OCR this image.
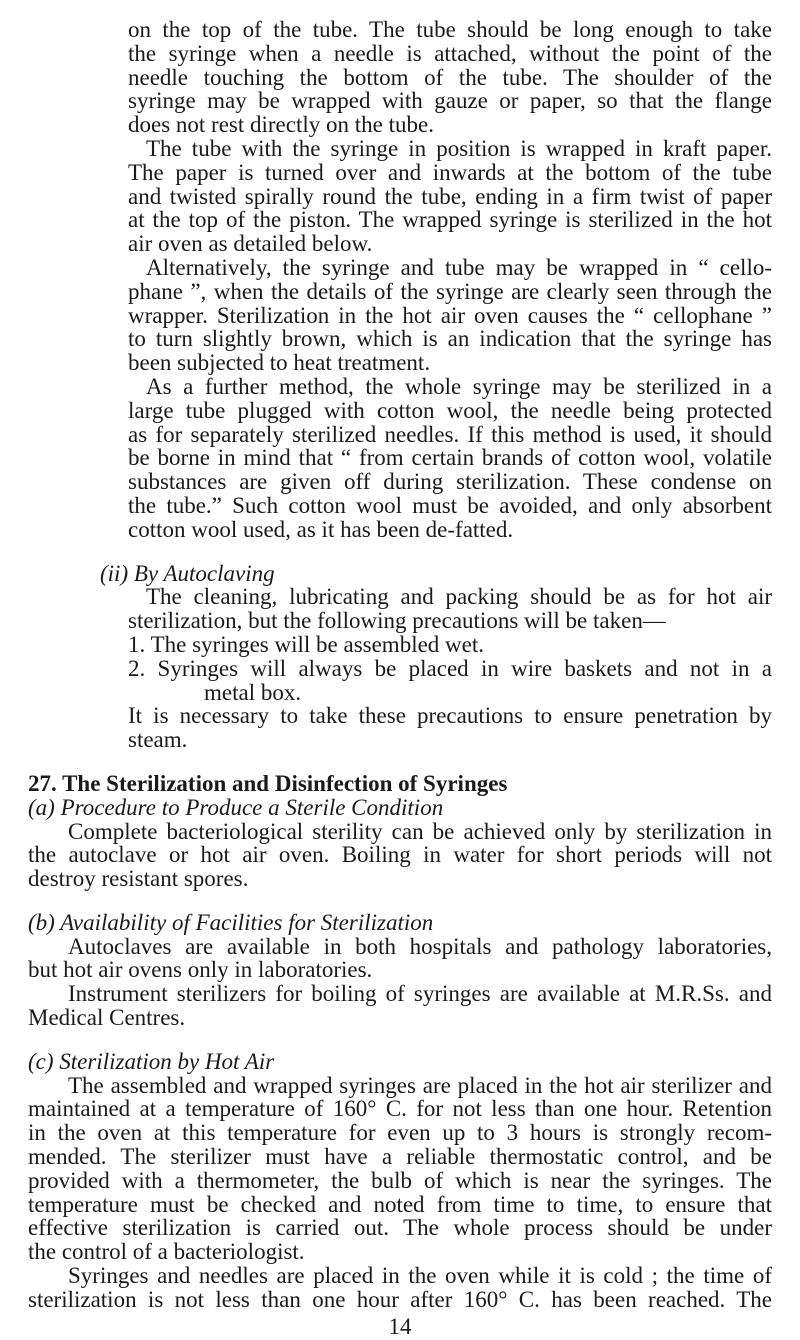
on the top of the tube. The tube should be long enough to take
the syringe when a needle is attached, without the point of the
needle touching the bottom of the tube. The shoulder of the
syringe may be wrapped with gauze or paper, so that the flange
does not rest directly on the tube.
The tube with the syringe in position is wrapped in kraft paper.
The paper is turned over and inwards at the bottom of the tube
and twisted spirally round the tube, ending in a firm twist of paper
at the top of the piston. The wrapped syringe is sterilized in the hot
air oven as detailed below.
Alternatively, the syringe and tube may be wrapped in “ cello-
phane ”, when the details of the syringe are clearly seen through the
wrapper. Sterilization in the hot air oven causes the “ cellophane ”
to turn slightly brown, which is an indication that the syringe has
been subjected to heat treatment.
As a further method, the whole syringe may be sterilized in a
large tube plugged with cotton wool, the needle being protected
as for separately sterilized needles. If this method is used, it should
be borne in mind that “ from certain brands of cotton wool, volatile
substances are given off during sterilization. These condense on
the tube.” Such cotton wool must be avoided, and only absorbent
cotton wool used, as it has been de-fatted.
(ii) By Autoclaving
The cleaning, lubricating and packing should be as for hot air
sterilization, but the following precautions will be taken—
1. The syringes will be assembled wet.
2. Syringes will always be placed in wire baskets and not in a
metal box.
It is necessary to take these precautions to ensure penetration by
steam.
27. The Sterilization and Disinfection of Syringes
(a) Procedure to Produce a Sterile Condition
Complete bacteriological sterility can be achieved only by sterilization in
the autoclave or hot air oven. Boiling in water for short periods will not
destroy resistant spores.
(b) Availability of Facilities for Sterilization
Autoclaves are available in both hospitals and pathology laboratories,
but hot air ovens only in laboratories.
Instrument sterilizers for boiling of syringes are available at M.R.Ss. and
Medical Centres.
(c) Sterilization by Hot Air
The assembled and wrapped syringes are placed in the hot air sterilizer and
maintained at a temperature of 160° C. for not less than one hour. Retention
in the oven at this temperature for even up to 3 hours is strongly recom-
mended. The sterilizer must have a reliable thermostatic control, and be
provided with a thermometer, the bulb of which is near the syringes. The
temperature must be checked and noted from time to time, to ensure that
effective sterilization is carried out. The whole process should be under
the control of a bacteriologist.
Syringes and needles are placed in the oven while it is cold ; the time of
sterilization is not less than one hour after 160° C. has been reached. The
14
